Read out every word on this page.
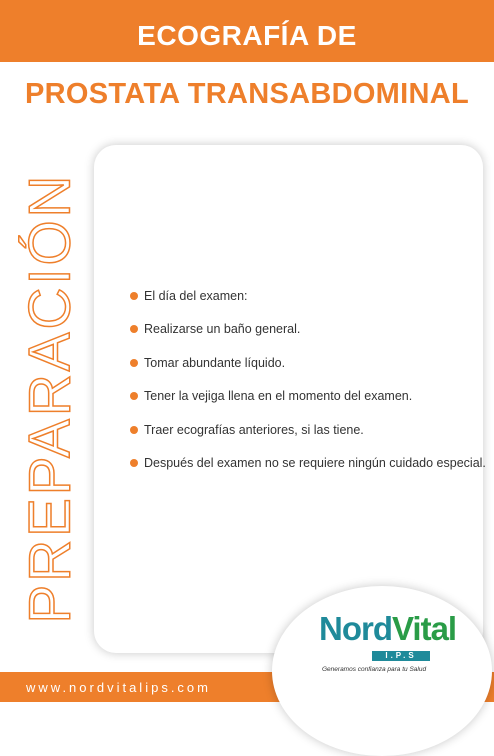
ECOGRAFÍA DE
PROSTATA TRANSABDOMINAL
PREPARACIÓN	El día del examen:
Realizarse un baño general.
Tomar abundante líquido.
Tener la vejiga llena en el momento del examen.
Traer ecografías anteriores, si las tiene.
Después del examen no se requiere ningún cuidado especial.
www.nordvitalips.com
NordVital
I.P.S
Generamos confianza para tu Salud
